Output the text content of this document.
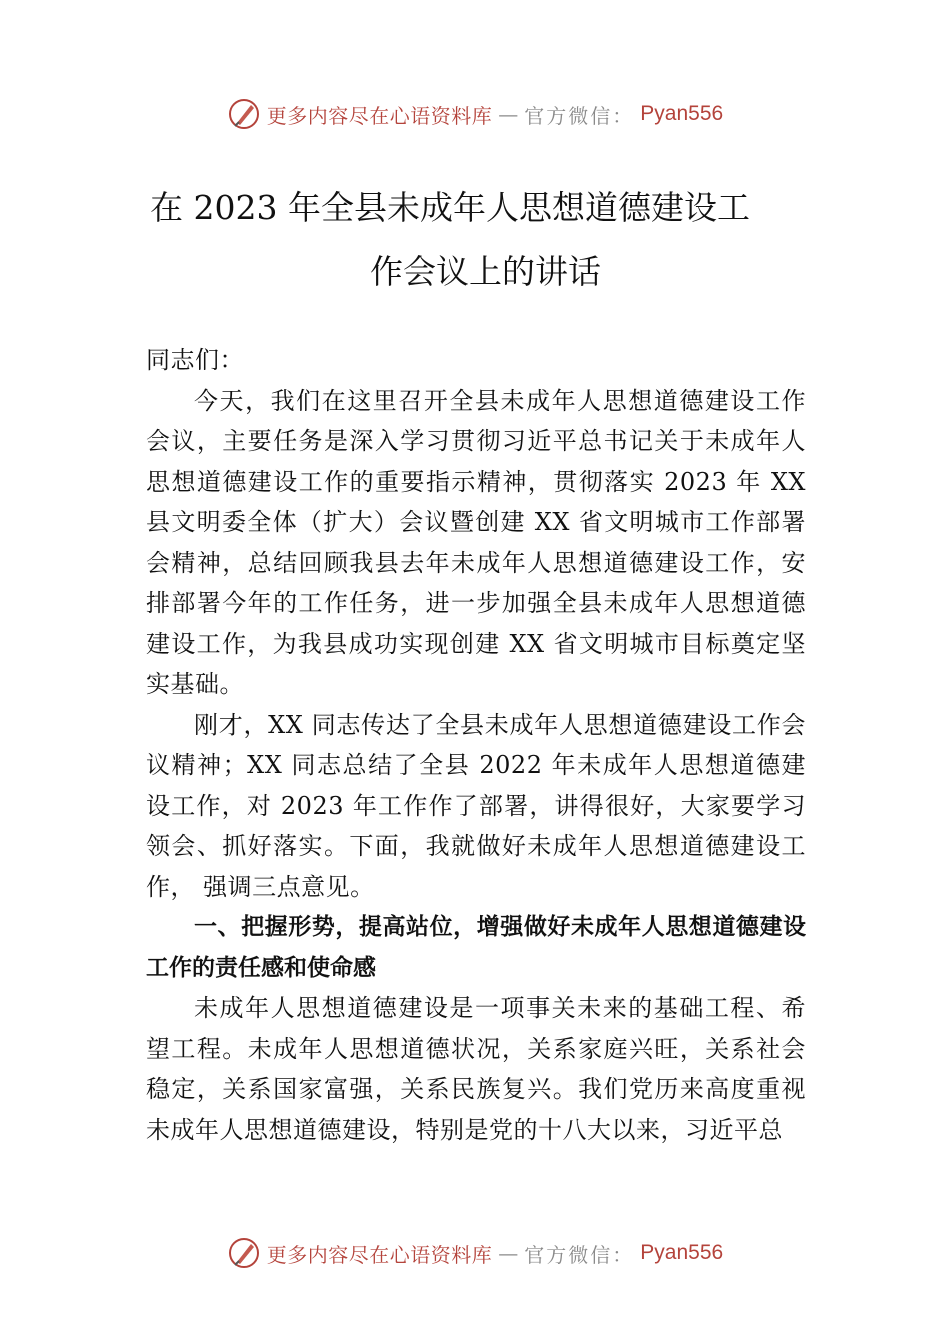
更多内容尽在心语资料库 — 官方微信： Pyan556
在 2023 年全县未成年人思想道德建设工
作会议上的讲话

同志们：

今天，我们在这里召开全县未成年人思想道德建设工作会议，主要任务是深入学习贯彻习近平总书记关于未成年人思想道德建设工作的重要指示精神，贯彻落实 2023 年 XX 县文明委全体（扩大）会议暨创建 XX 省文明城市工作部署会精神，总结回顾我县去年未成年人思想道德建设工作，安排部署今年的工作任务，进一步加强全县未成年人思想道德建设工作，为我县成功实现创建 XX 省文明城市目标奠定坚实基础。

刚才，XX 同志传达了全县未成年人思想道德建设工作会议精神；XX 同志总结了全县 2022 年未成年人思想道德建设工作，对 2023 年工作作了部署，讲得很好，大家要学习领会、抓好落实。下面，我就做好未成年人思想道德建设工作， 强调三点意见。

一、把握形势，提高站位，增强做好未成年人思想道德建设工作的责任感和使命感

未成年人思想道德建设是一项事关未来的基础工程、希望工程。未成年人思想道德状况，关系家庭兴旺，关系社会稳定，关系国家富强，关系民族复兴。我们党历来高度重视未成年人思想道德建设，特别是党的十八大以来，习近平总

更多内容尽在心语资料库 — 官方微信： Pyan556
